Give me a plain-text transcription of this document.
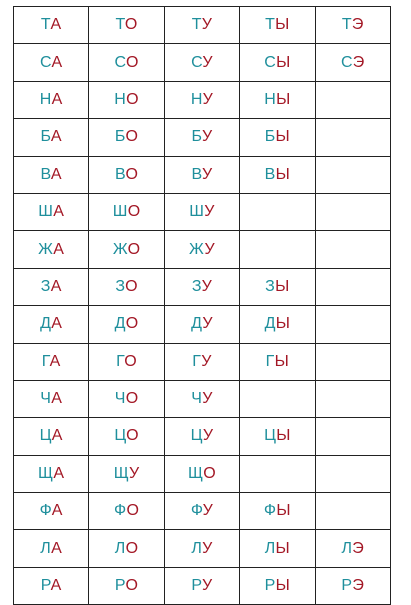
ТА	ТО	ТУ	ТЫ	ТЭ
СА	СО	СУ	СЫ	СЭ
НА	НО	НУ	НЫ	
БА	БО	БУ	БЫ	
ВА	ВО	ВУ	ВЫ	
ША	ШО	ШУ		
ЖА	ЖО	ЖУ		
ЗА	ЗО	ЗУ	ЗЫ	
ДА	ДО	ДУ	ДЫ	
ГА	ГО	ГУ	ГЫ	
ЧА	ЧО	ЧУ		
ЦА	ЦО	ЦУ	ЦЫ	
ЩА	ЩУ	ЩО		
ФА	ФО	ФУ	ФЫ	
ЛА	ЛО	ЛУ	ЛЫ	ЛЭ
РА	РО	РУ	РЫ	РЭ
